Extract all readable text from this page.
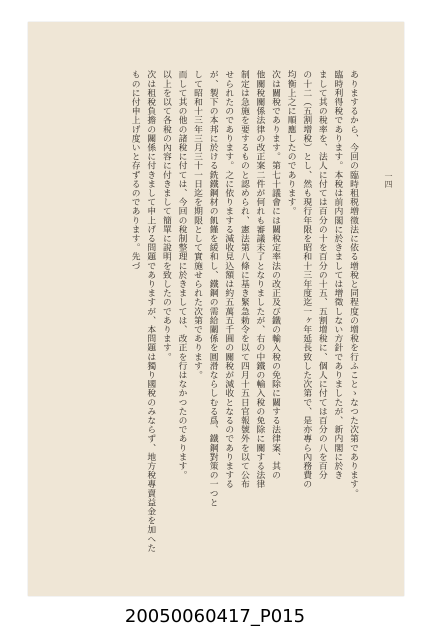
一四

ありまするから、今回の臨時租税増徵法に依る增稅と同程度の增稅を行ふことゝなつた次第であります。

臨時利得稅であります。本稅は前内閣に於きましては增徵しない方針でありましたが、新内閣に於き

まして其の稅率を、法人に付ては百分の十を百分の十五、五割增稅に、個人に付ては百分の八を百分

の十二（五割增稅）とし、然も現行年限を昭和十三年度迄一ヶ年延長致した次第で、是亦專ら內務費の

均衡上之に順應したのであります。

次は關稅であります。第七十議會には關稅定率法の改正及び鐵の輸入稅の免除に關する法律案、其の

他關稅關係法律の改正案二件が何れも審議未了となりましたが、右の中鐵の輸入稅の免除に關する法律

制定は急施を要するものと認められ、憲法第八條に基き緊急勅令を以て四月十五日官報號外を以て公布

せられたのであります。之に依りまする減收見込額は約五萬五千圓の關稅が減收となるのでありまする

が、製下の本邦に於ける銑鐵鋼材の飢饉を緩和し、鐵鋼の需給關係を圓滑ならしむる爲、鐵鋼對策の一つと

して昭和十三年三月三十一日迄を期限として實施せられた次第であります。

而して其の他の諸稅に付ては、今回の稅制整理に於きましては、改正を行はなかつたのであります。

以上を以て各稅の內容に付きまして簡單に說明を致したのであります。

次は租稅負擔の關係に付きまして申上げる問題でありますが、本問題は獨り國稅のみならず、地方稅專賣益金を加へた

ものに付申上げ度いと存ずるのであります。先づ

20050060417_P015
